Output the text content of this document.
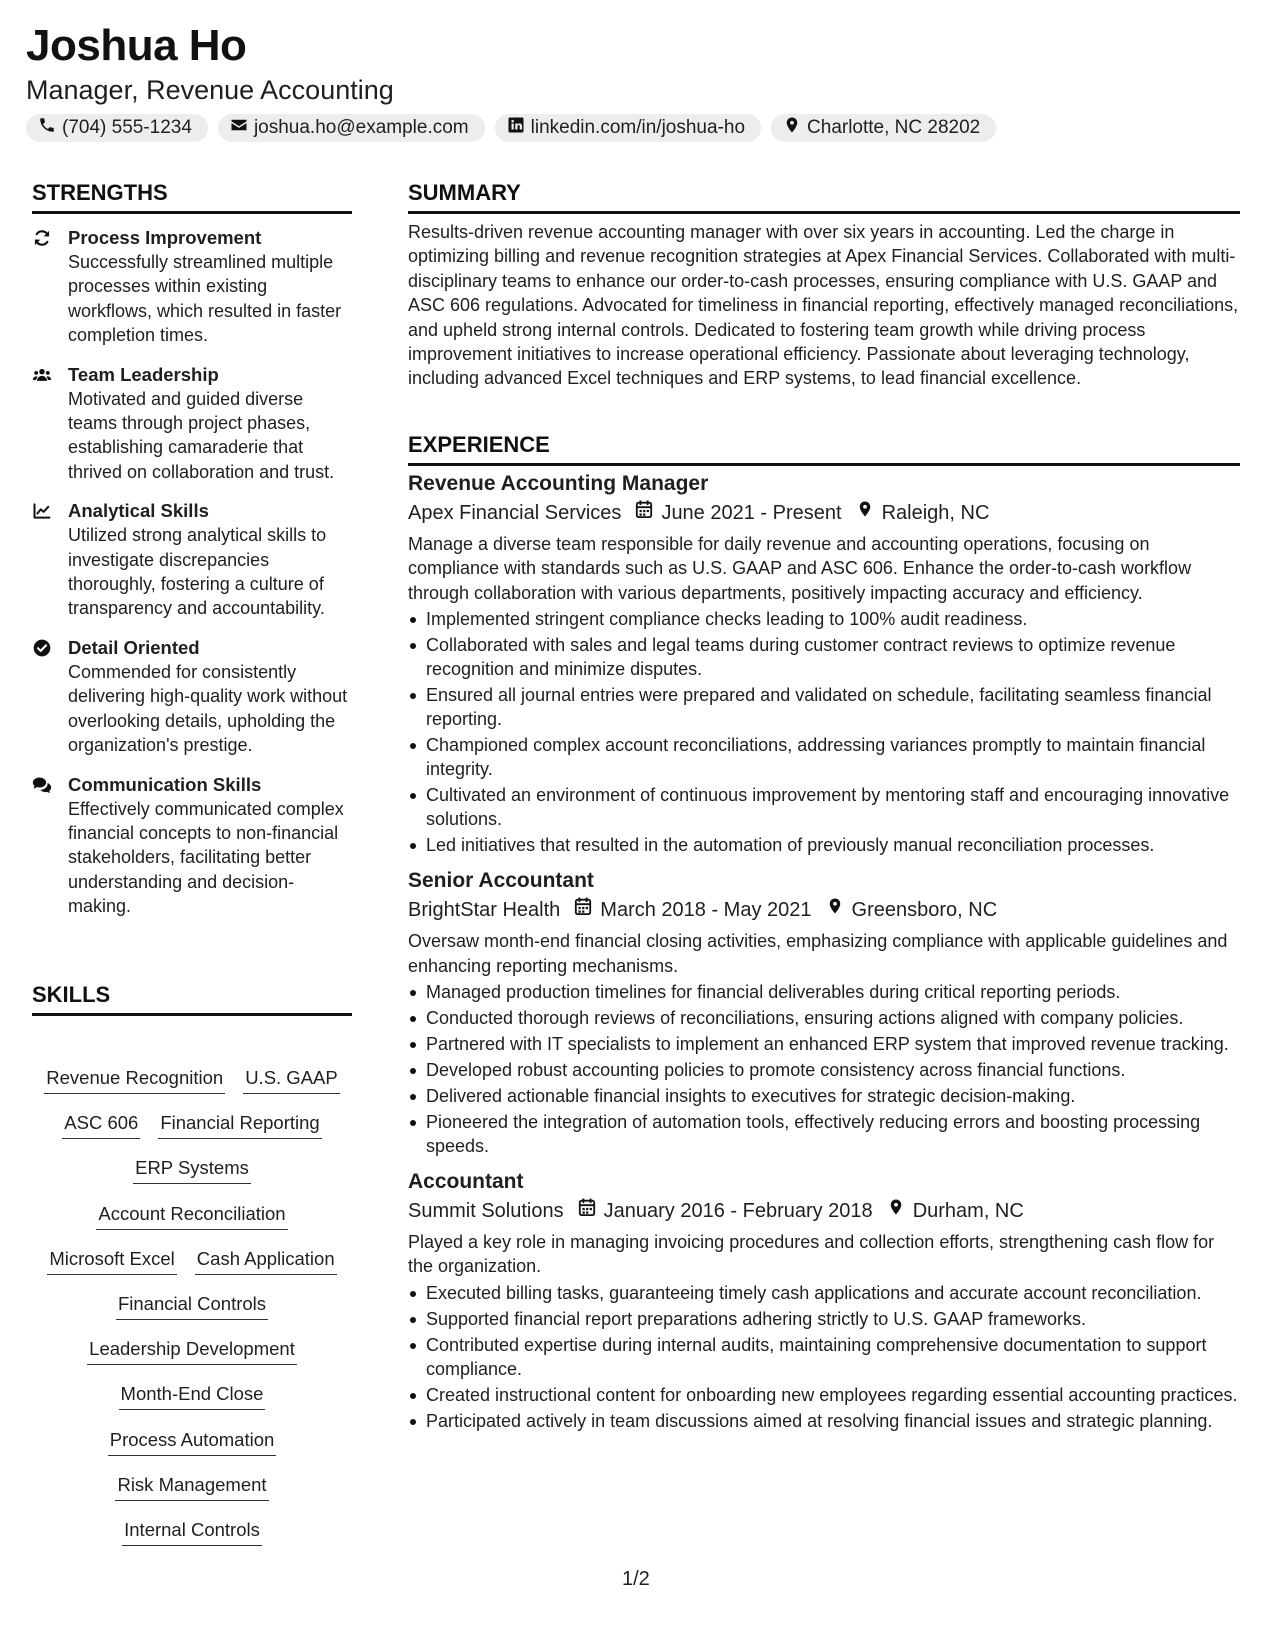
Joshua Ho
Manager, Revenue Accounting
(704) 555-1234	joshua.ho@example.com	linkedin.com/in/joshua-ho	Charlotte, NC 28202
STRENGTHS
Process Improvement
Successfully streamlined multiple processes within existing workflows, which resulted in faster completion times.
Team Leadership
Motivated and guided diverse teams through project phases, establishing camaraderie that thrived on collaboration and trust.
Analytical Skills
Utilized strong analytical skills to investigate discrepancies thoroughly, fostering a culture of transparency and accountability.
Detail Oriented
Commended for consistently delivering high-quality work without overlooking details, upholding the organization's prestige.
Communication Skills
Effectively communicated complex financial concepts to non-financial stakeholders, facilitating better understanding and decision-making.
SKILLS
Revenue Recognition U.S. GAAP
ASC 606 Financial Reporting
ERP Systems
Account Reconciliation
Microsoft Excel Cash Application
Financial Controls
Leadership Development
Month-End Close
Process Automation
Risk Management
Internal Controls
SUMMARY
Results-driven revenue accounting manager with over six years in accounting. Led the charge in optimizing billing and revenue recognition strategies at Apex Financial Services. Collaborated with multi-disciplinary teams to enhance our order-to-cash processes, ensuring compliance with U.S. GAAP and ASC 606 regulations. Advocated for timeliness in financial reporting, effectively managed reconciliations, and upheld strong internal controls. Dedicated to fostering team growth while driving process improvement initiatives to increase operational efficiency. Passionate about leveraging technology, including advanced Excel techniques and ERP systems, to lead financial excellence.
EXPERIENCE
Revenue Accounting Manager
Apex Financial Services June 2021 - Present Raleigh, NC
Manage a diverse team responsible for daily revenue and accounting operations, focusing on compliance with standards such as U.S. GAAP and ASC 606. Enhance the order-to-cash workflow through collaboration with various departments, positively impacting accuracy and efficiency.
Implemented stringent compliance checks leading to 100% audit readiness.
Collaborated with sales and legal teams during customer contract reviews to optimize revenue recognition and minimize disputes.
Ensured all journal entries were prepared and validated on schedule, facilitating seamless financial reporting.
Championed complex account reconciliations, addressing variances promptly to maintain financial integrity.
Cultivated an environment of continuous improvement by mentoring staff and encouraging innovative solutions.
Led initiatives that resulted in the automation of previously manual reconciliation processes.
Senior Accountant
BrightStar Health March 2018 - May 2021 Greensboro, NC
Oversaw month-end financial closing activities, emphasizing compliance with applicable guidelines and enhancing reporting mechanisms.
Managed production timelines for financial deliverables during critical reporting periods.
Conducted thorough reviews of reconciliations, ensuring actions aligned with company policies.
Partnered with IT specialists to implement an enhanced ERP system that improved revenue tracking.
Developed robust accounting policies to promote consistency across financial functions.
Delivered actionable financial insights to executives for strategic decision-making.
Pioneered the integration of automation tools, effectively reducing errors and boosting processing speeds.
Accountant
Summit Solutions January 2016 - February 2018 Durham, NC
Played a key role in managing invoicing procedures and collection efforts, strengthening cash flow for the organization.
Executed billing tasks, guaranteeing timely cash applications and accurate account reconciliation.
Supported financial report preparations adhering strictly to U.S. GAAP frameworks.
Contributed expertise during internal audits, maintaining comprehensive documentation to support compliance.
Created instructional content for onboarding new employees regarding essential accounting practices.
Participated actively in team discussions aimed at resolving financial issues and strategic planning.
1/2
